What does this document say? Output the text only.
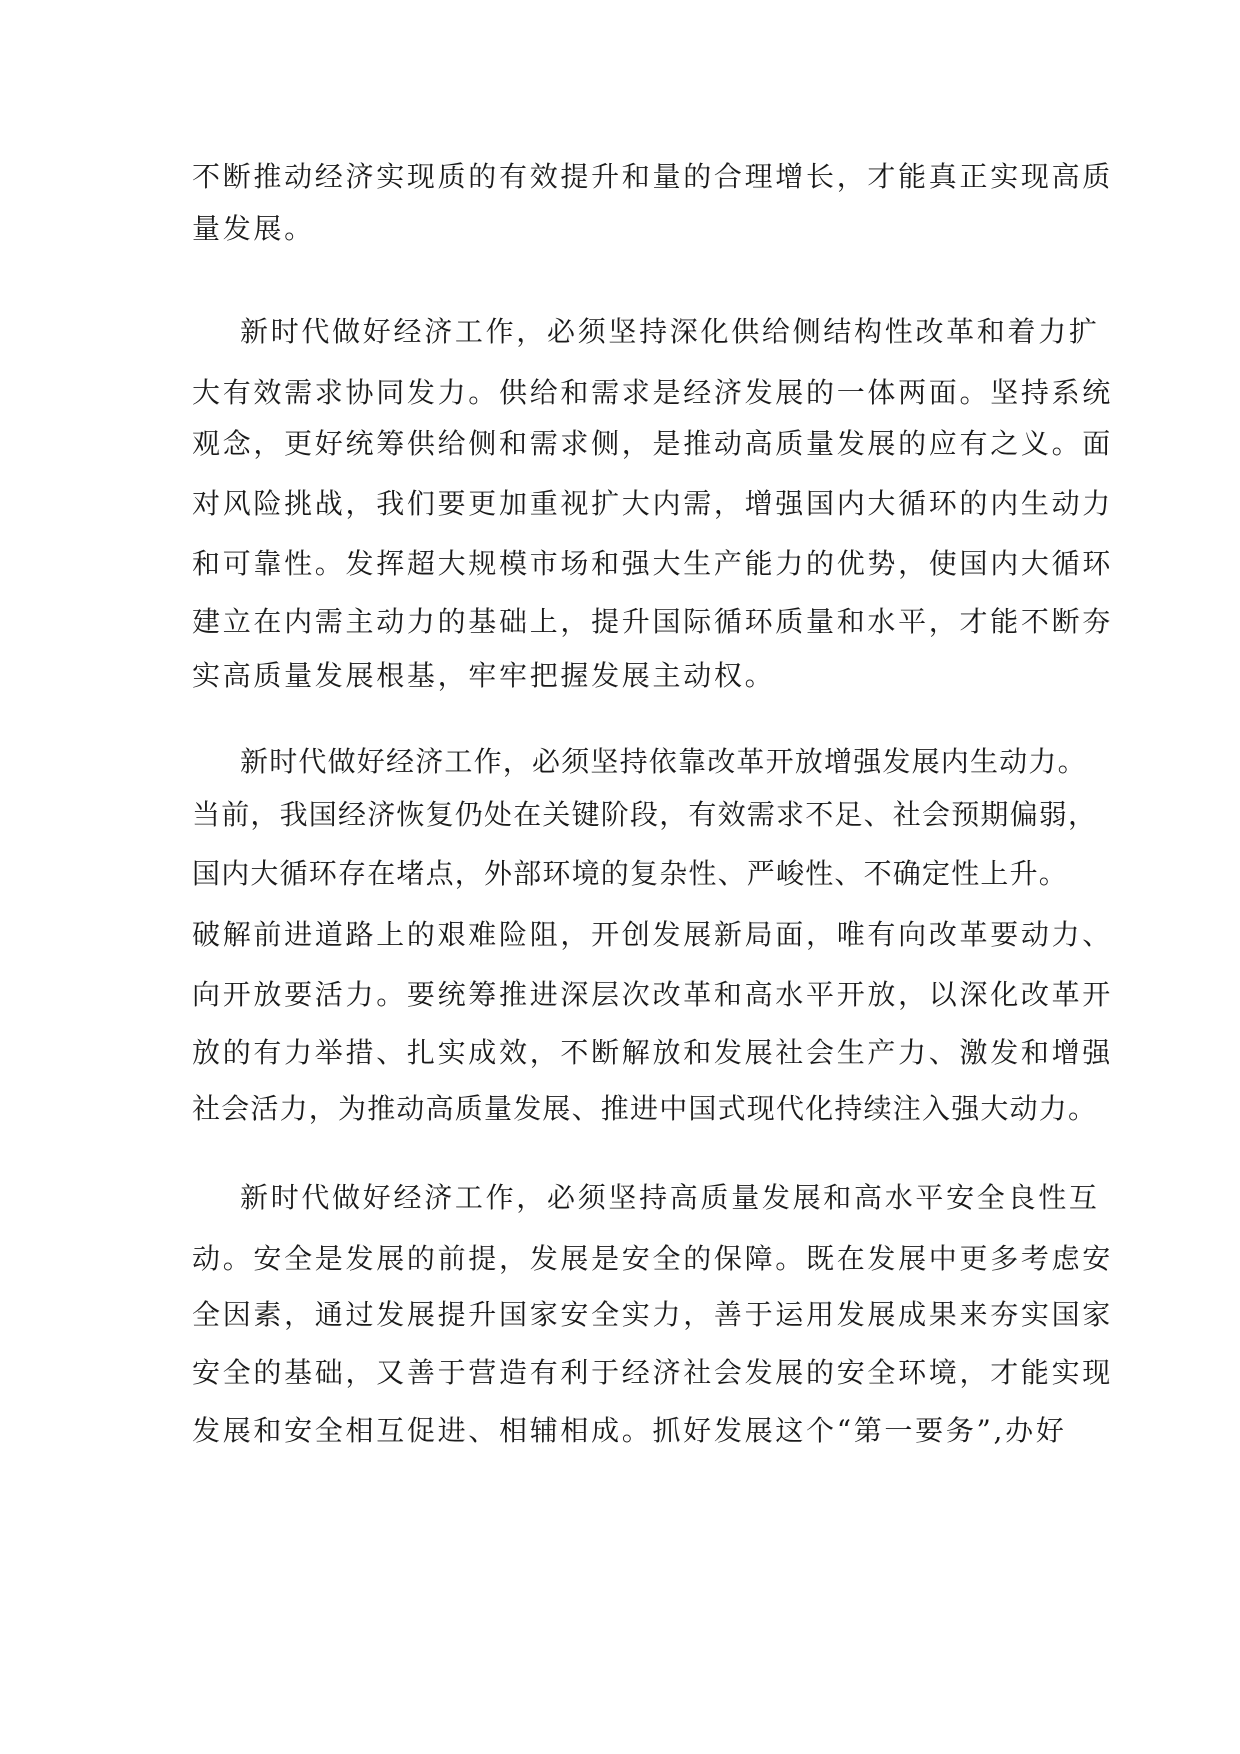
不断推动经济实现质的有效提升和量的合理增长，才能真正实现高质

量发展。

新时代做好经济工作，必须坚持深化供给侧结构性改革和着力扩

大有效需求协同发力。供给和需求是经济发展的一体两面。坚持系统

观念，更好统筹供给侧和需求侧，是推动高质量发展的应有之义。面

对风险挑战，我们要更加重视扩大内需，增强国内大循环的内生动力

和可靠性。发挥超大规模市场和强大生产能力的优势，使国内大循环

建立在内需主动力的基础上，提升国际循环质量和水平，才能不断夯

实高质量发展根基，牢牢把握发展主动权。

新时代做好经济工作，必须坚持依靠改革开放增强发展内生动力。

当前，我国经济恢复仍处在关键阶段，有效需求不足、社会预期偏弱，

国内大循环存在堵点，外部环境的复杂性、严峻性、不确定性上升。

破解前进道路上的艰难险阻，开创发展新局面，唯有向改革要动力、

向开放要活力。要统筹推进深层次改革和高水平开放，以深化改革开

放的有力举措、扎实成效，不断解放和发展社会生产力、激发和增强

社会活力，为推动高质量发展、推进中国式现代化持续注入强大动力。

新时代做好经济工作，必须坚持高质量发展和高水平安全良性互

动。安全是发展的前提，发展是安全的保障。既在发展中更多考虑安

全因素，通过发展提升国家安全实力，善于运用发展成果来夯实国家

安全的基础，又善于营造有利于经济社会发展的安全环境，才能实现

发展和安全相互促进、相辅相成。抓好发展这个“第一要务”,办好
